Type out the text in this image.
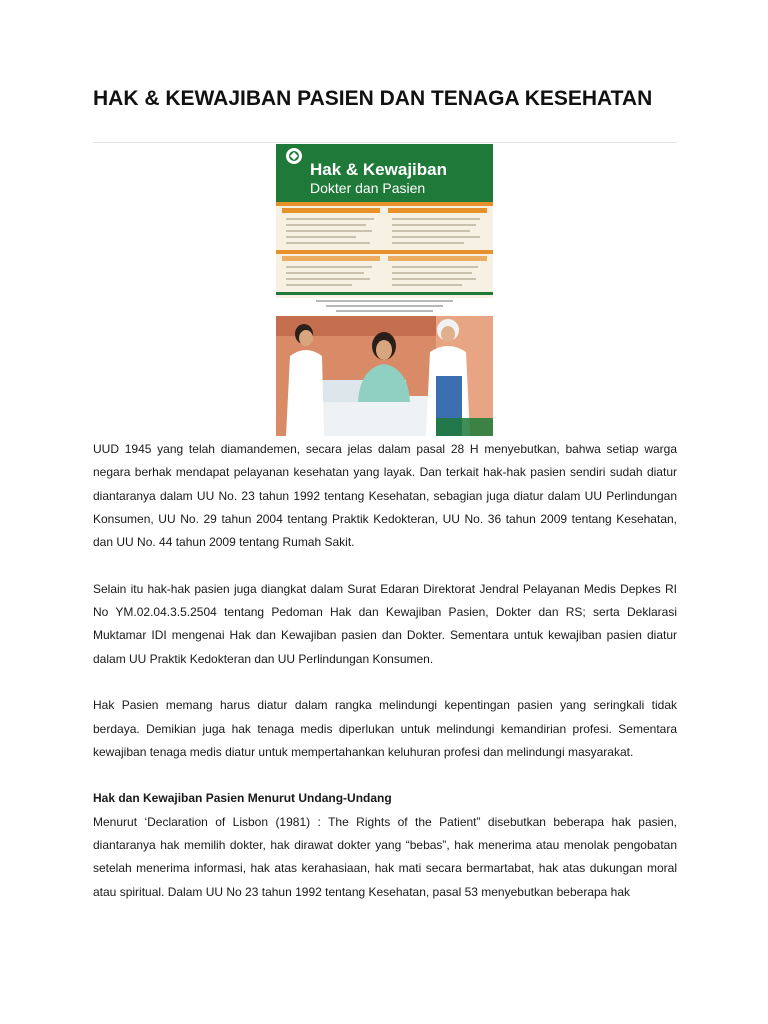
HAK & KEWAJIBAN PASIEN DAN TENAGA KESEHATAN
Hak & Kewajiban
Dokter dan Pasien

UUD 1945 yang telah diamandemen, secara jelas dalam pasal 28 H menyebutkan, bahwa setiap warga negara berhak mendapat pelayanan kesehatan yang layak. Dan terkait hak-hak pasien sendiri sudah diatur diantaranya dalam UU No. 23 tahun 1992 tentang Kesehatan, sebagian juga diatur dalam UU Perlindungan Konsumen, UU No. 29 tahun 2004 tentang Praktik Kedokteran, UU No. 36 tahun 2009 tentang Kesehatan, dan UU No. 44 tahun 2009 tentang Rumah Sakit.

Selain itu hak-hak pasien juga diangkat dalam Surat Edaran Direktorat Jendral Pelayanan Medis Depkes RI No YM.02.04.3.5.2504 tentang Pedoman Hak dan Kewajiban Pasien, Dokter dan RS; serta Deklarasi Muktamar IDI mengenai Hak dan Kewajiban pasien dan Dokter. Sementara untuk kewajiban pasien diatur dalam UU Praktik Kedokteran dan UU Perlindungan Konsumen.

Hak Pasien memang harus diatur dalam rangka melindungi kepentingan pasien yang seringkali tidak berdaya. Demikian juga hak tenaga medis diperlukan untuk melindungi kemandirian profesi. Sementara kewajiban tenaga medis diatur untuk mempertahankan keluhuran profesi dan melindungi masyarakat.

Hak dan Kewajiban Pasien Menurut Undang-Undang

Menurut ‘Declaration of Lisbon (1981) : The Rights of the Patient” disebutkan beberapa hak pasien, diantaranya hak memilih dokter, hak dirawat dokter yang “bebas”, hak menerima atau menolak pengobatan setelah menerima informasi, hak atas kerahasiaan, hak mati secara bermartabat, hak atas dukungan moral atau spiritual. Dalam UU No 23 tahun 1992 tentang Kesehatan, pasal 53 menyebutkan beberapa hak
